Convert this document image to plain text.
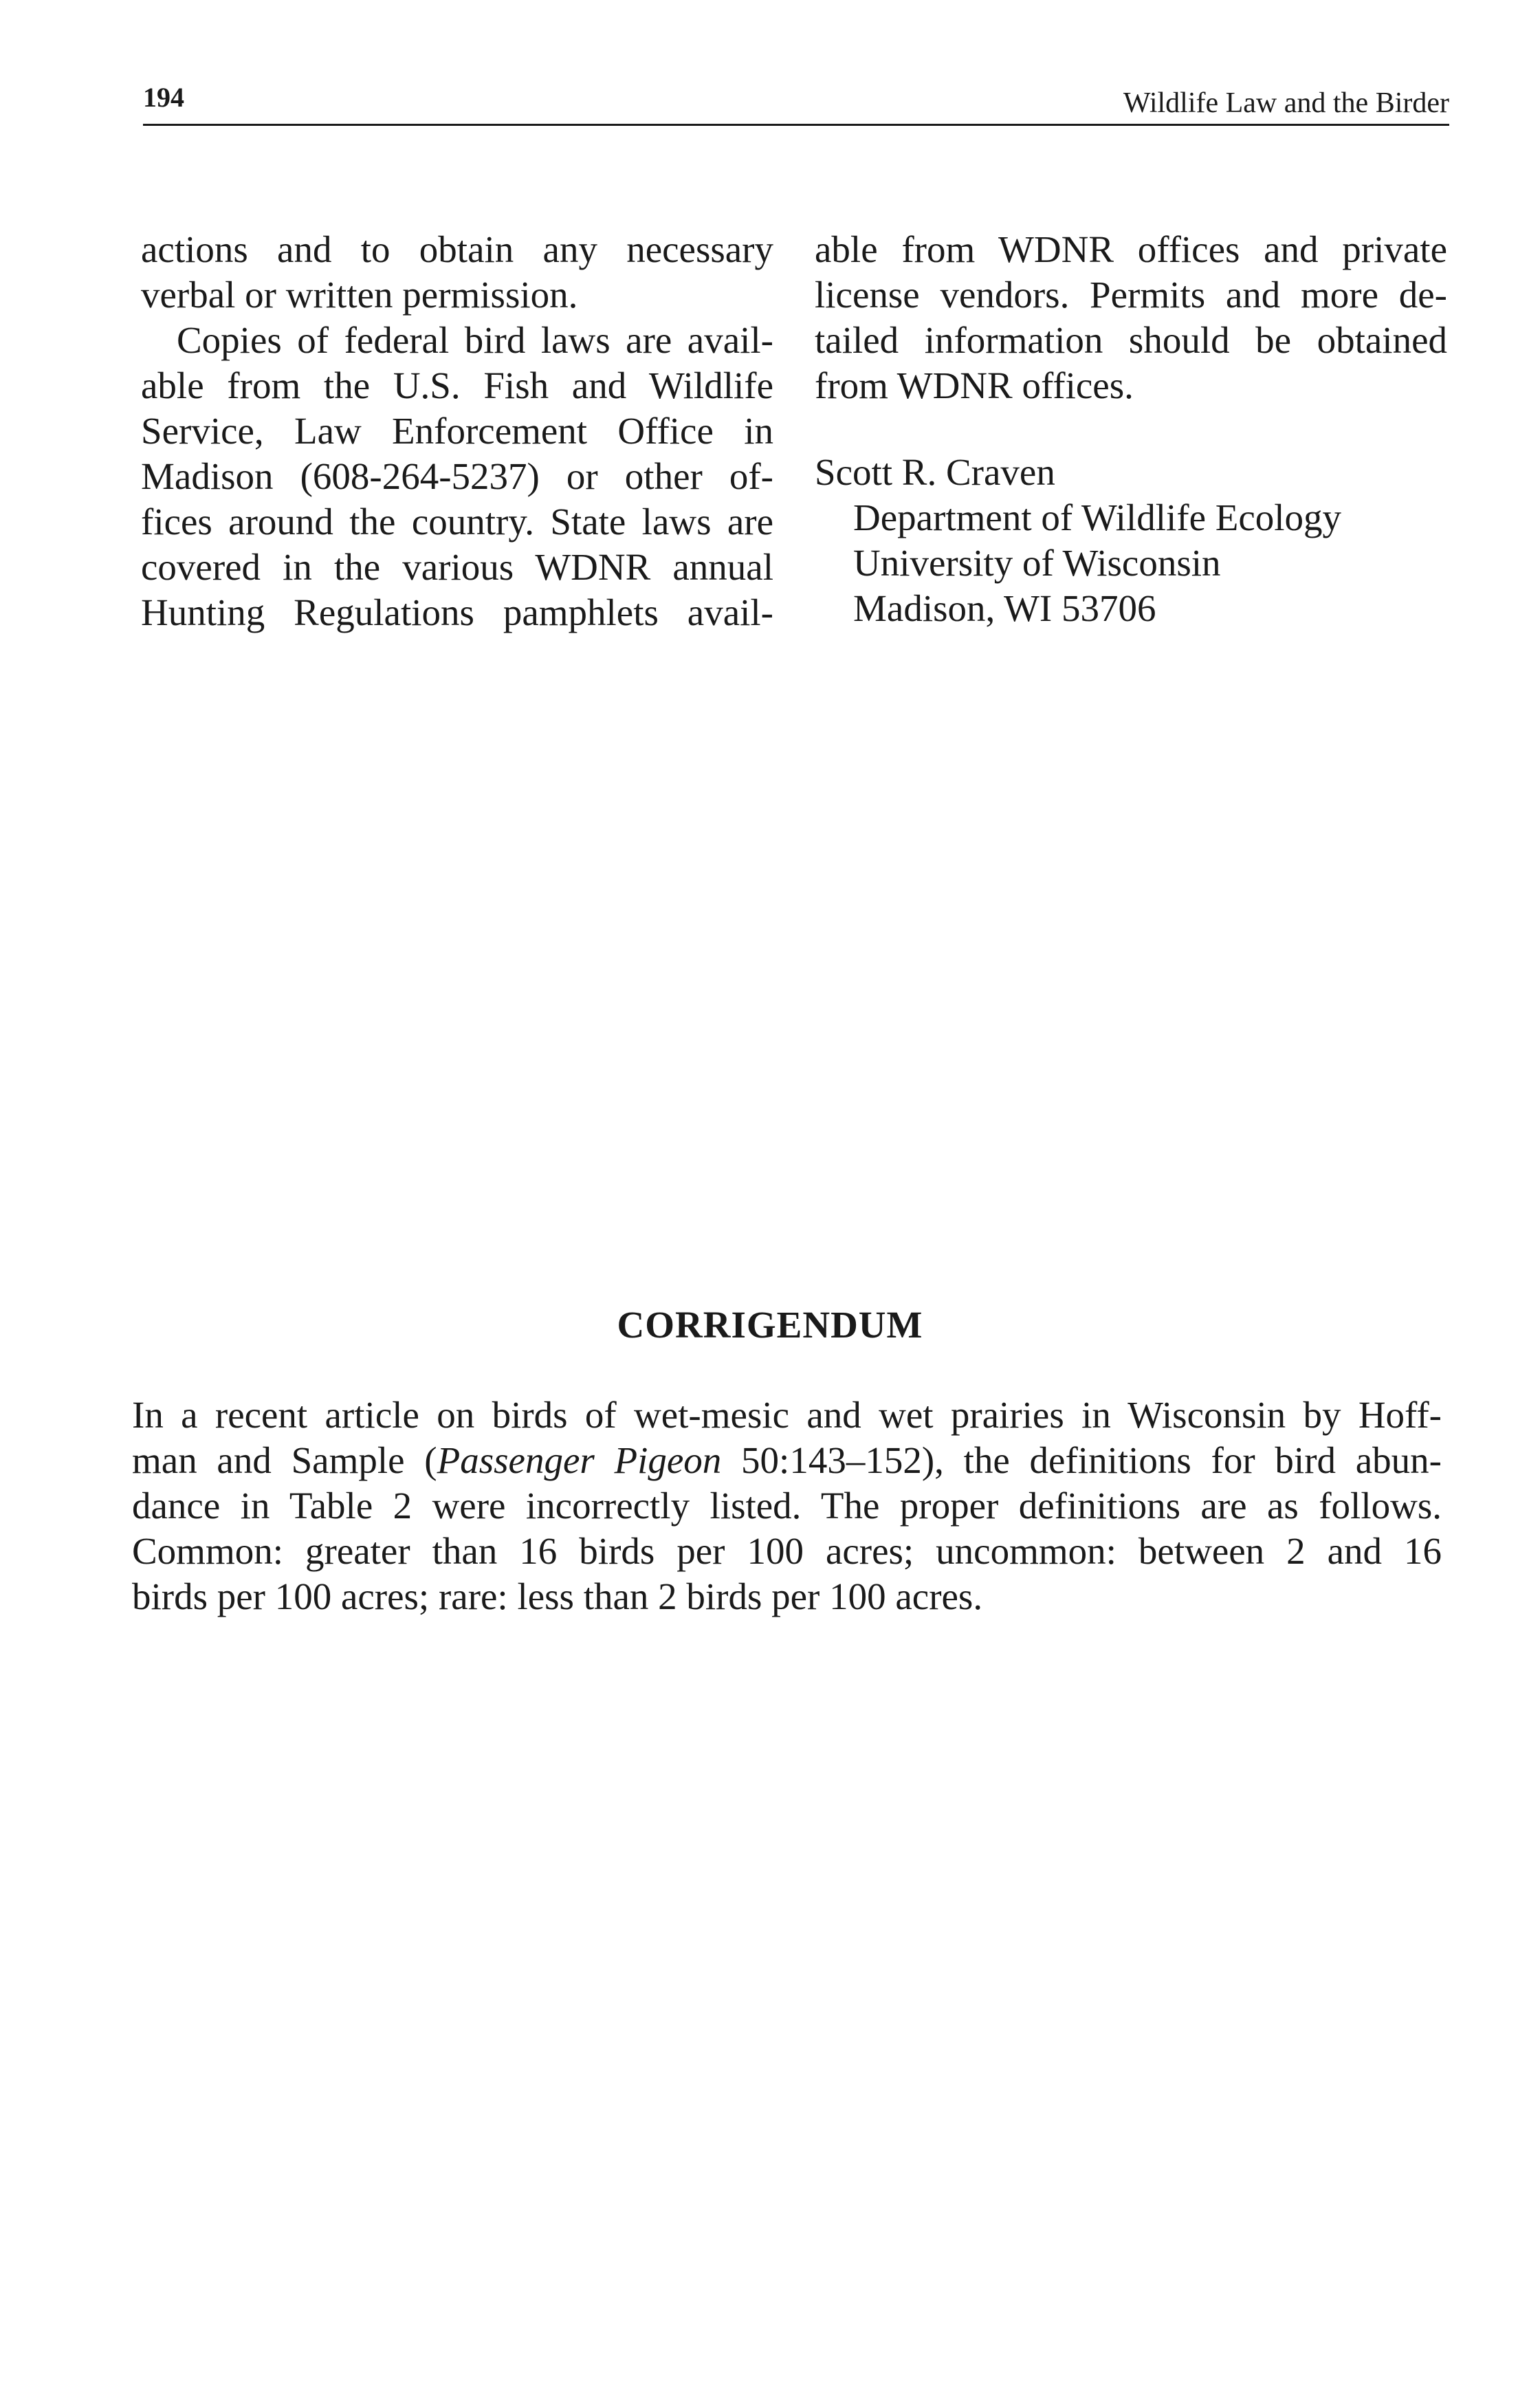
194	Wildlife Law and the Birder
actions and to obtain any necessary
verbal or written permission.
Copies of federal bird laws are avail-
able from the U.S. Fish and Wildlife
Service, Law Enforcement Office in
Madison (608-264-5237) or other of-
fices around the country. State laws are
covered in the various WDNR annual
Hunting Regulations pamphlets avail-
able from WDNR offices and private
license vendors. Permits and more de-
tailed information should be obtained
from WDNR offices.
Scott R. Craven
Department of Wildlife Ecology
University of Wisconsin
Madison, WI 53706
CORRIGENDUM
In a recent article on birds of wet-mesic and wet prairies in Wisconsin by Hoff-
man and Sample (Passenger Pigeon 50:143–152), the definitions for bird abun-
dance in Table 2 were incorrectly listed. The proper definitions are as follows.
Common: greater than 16 birds per 100 acres; uncommon: between 2 and 16
birds per 100 acres; rare: less than 2 birds per 100 acres.
